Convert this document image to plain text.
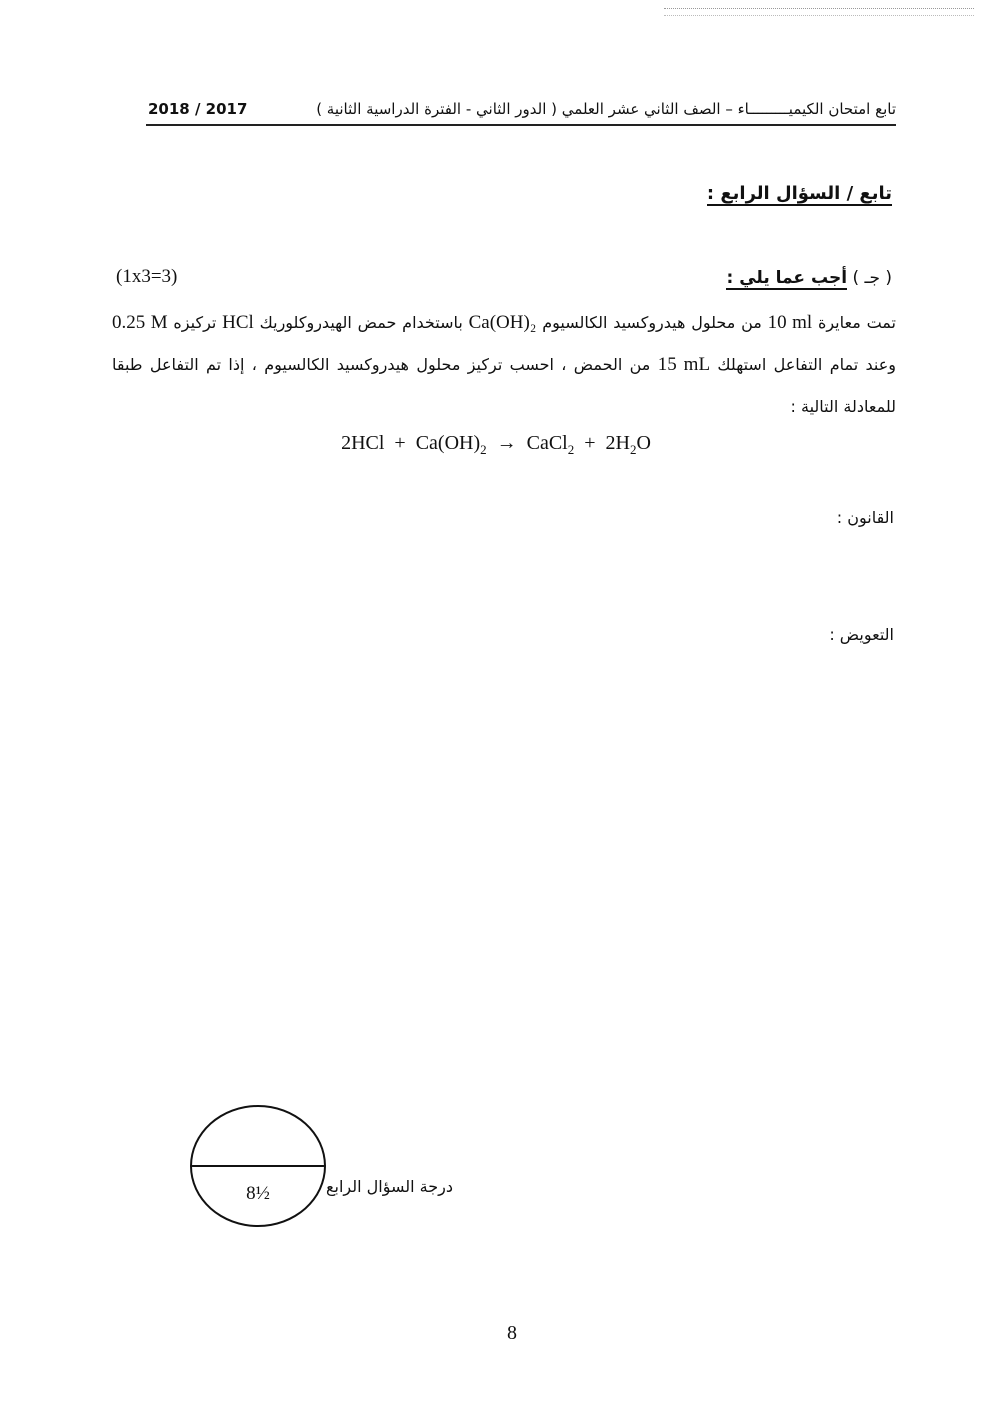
تابع امتحان الكيميـــــــــاء – الصف الثاني عشر العلمي ( الدور الثاني - الفترة الدراسية الثانية )
2018 / 2017
تابع / السؤال الرابع :
( جـ ) أجب عما يلي :
(1x3=3)
تمت معايرة 10 ml من محلول هيدروكسيد الكالسيوم Ca(OH)₂ باستخدام حمض الهيدروكلوريك HCl تركيزه 0.25 M وعند تمام التفاعل استهلك 15 mL من الحمض ، احسب تركيز محلول هيدروكسيد الكالسيوم ، إذا تم التفاعل طبقا للمعادلة التالية :
$2HCl + Ca(OH)_2$ → CaCl$_2$ + $2H_2O$
القانون :
التعويض :
8½	درجة السؤال الرابع
8
